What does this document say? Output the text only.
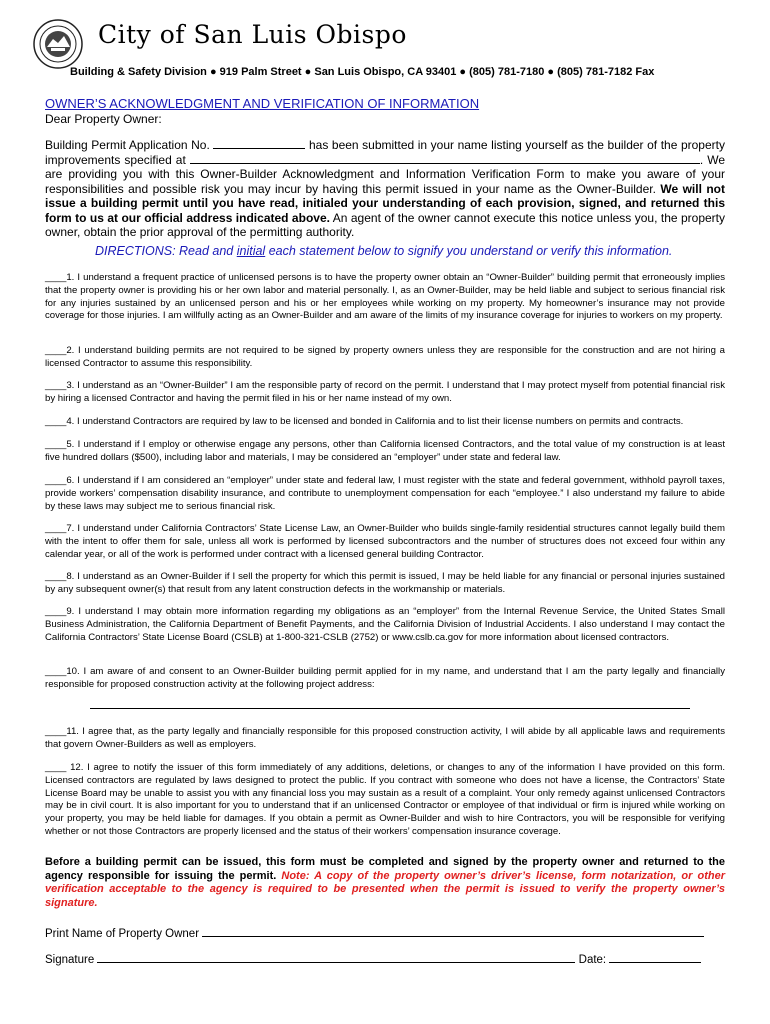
City of San Luis Obispo
Building & Safety Division ● 919 Palm Street ● San Luis Obispo, CA 93401 ● (805) 781-7180 ● (805) 781-7182 Fax
OWNER’S ACKNOWLEDGMENT AND VERIFICATION OF INFORMATION
Dear Property Owner:
Building Permit Application No.	has been submitted in your name listing yourself as the builder of the property improvements specified at	. We are providing you with this Owner-Builder Acknowledgment and Information Verification Form to make you aware of your responsibilities and possible risk you may incur by having this permit issued in your name as the Owner-Builder. We will not issue a building permit until you have read, initialed your understanding of each provision, signed, and returned this form to us at our official address indicated above. An agent of the owner cannot execute this notice unless you, the property owner, obtain the prior approval of the permitting authority.
DIRECTIONS: Read and initial each statement below to signify you understand or verify this information.
____1. I understand a frequent practice of unlicensed persons is to have the property owner obtain an “Owner-Builder” building permit that erroneously implies that the property owner is providing his or her own labor and material personally. I, as an Owner-Builder, may be held liable and subject to serious financial risk for any injuries sustained by an unlicensed person and his or her employees while working on my property. My homeowner’s insurance may not provide coverage for those injuries. I am willfully acting as an Owner-Builder and am aware of the limits of my insurance coverage for injuries to workers on my property.
____2. I understand building permits are not required to be signed by property owners unless they are responsible for the construction and are not hiring a licensed Contractor to assume this responsibility.
____3. I understand as an “Owner-Builder” I am the responsible party of record on the permit. I understand that I may protect myself from potential financial risk by hiring a licensed Contractor and having the permit filed in his or her name instead of my own.
____4. I understand Contractors are required by law to be licensed and bonded in California and to list their license numbers on permits and contracts.
____5. I understand if I employ or otherwise engage any persons, other than California licensed Contractors, and the total value of my construction is at least five hundred dollars ($500), including labor and materials, I may be considered an “employer” under state and federal law.
____6. I understand if I am considered an “employer” under state and federal law, I must register with the state and federal government, withhold payroll taxes, provide workers’ compensation disability insurance, and contribute to unemployment compensation for each “employee.” I also understand my failure to abide by these laws may subject me to serious financial risk.
____7. I understand under California Contractors’ State License Law, an Owner-Builder who builds single-family residential structures cannot legally build them with the intent to offer them for sale, unless all work is performed by licensed subcontractors and the number of structures does not exceed four within any calendar year, or all of the work is performed under contract with a licensed general building Contractor.
____8. I understand as an Owner-Builder if I sell the property for which this permit is issued, I may be held liable for any financial or personal injuries sustained by any subsequent owner(s) that result from any latent construction defects in the workmanship or materials.
____9. I understand I may obtain more information regarding my obligations as an “employer” from the Internal Revenue Service, the United States Small Business Administration, the California Department of Benefit Payments, and the California Division of Industrial Accidents. I also understand I may contact the California Contractors’ State License Board (CSLB) at 1-800-321-CSLB (2752) or www.cslb.ca.gov for more information about licensed contractors.
____10. I am aware of and consent to an Owner-Builder building permit applied for in my name, and understand that I am the party legally and financially responsible for proposed construction activity at the following project address:
____11. I agree that, as the party legally and financially responsible for this proposed construction activity, I will abide by all applicable laws and requirements that govern Owner-Builders as well as employers.
____ 12. I agree to notify the issuer of this form immediately of any additions, deletions, or changes to any of the information I have provided on this form. Licensed contractors are regulated by laws designed to protect the public. If you contract with someone who does not have a license, the Contractors’ State License Board may be unable to assist you with any financial loss you may sustain as a result of a complaint. Your only remedy against unlicensed Contractors may be in civil court. It is also important for you to understand that if an unlicensed Contractor or employee of that individual or firm is injured while working on your property, you may be held liable for damages. If you obtain a permit as Owner-Builder and wish to hire Contractors, you will be responsible for verifying whether or not those Contractors are properly licensed and the status of their workers’ compensation insurance coverage.
Before a building permit can be issued, this form must be completed and signed by the property owner and returned to the agency responsible for issuing the permit. Note: A copy of the property owner’s driver’s license, form notarization, or other verification acceptable to the agency is required to be presented when the permit is issued to verify the property owner’s signature.
Print Name of Property Owner
Signature	Date:
